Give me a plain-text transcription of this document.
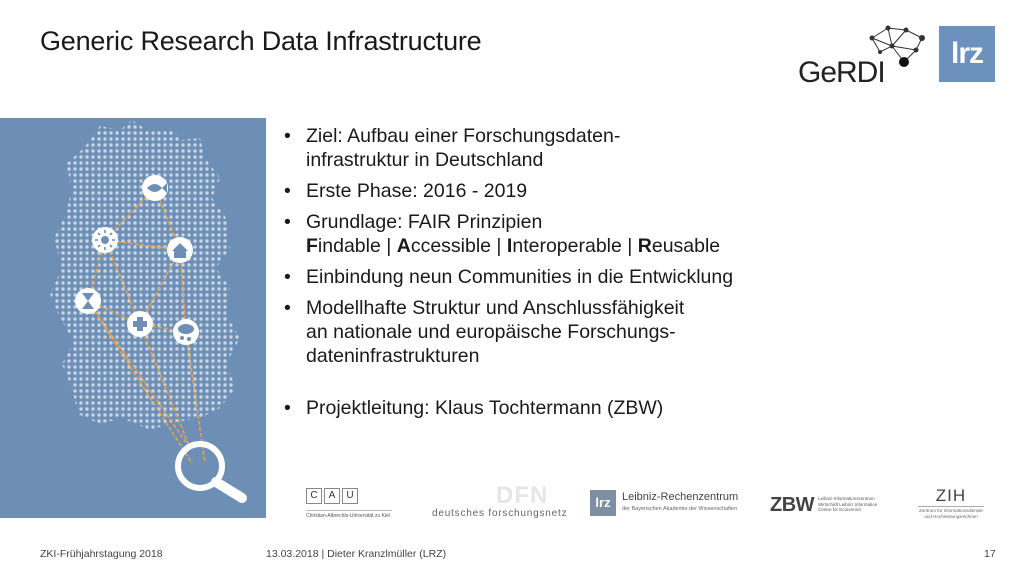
Generic Research Data Infrastructure
GeRDI
lrz
• Ziel: Aufbau einer Forschungsdaten-
infrastruktur in Deutschland
• Erste Phase: 2016 - 2019
• Grundlage: FAIR Prinzipien
Findable | Accessible | Interoperable | Reusable
• Einbindung neun Communities in die Entwicklung
• Modellhafte Struktur und Anschlussfähigkeit
an nationale und europäische Forschungs-
dateninfrastrukturen
• Projektleitung: Klaus Tochtermann (ZBW)
C	A	U
Christian-Albrechts-Universität zu Kiel
DFN
deutsches forschungsnetz
lrz	Leibniz-Rechenzentrum
der Bayerischen Akademie der Wissenschaften ZBW Leibniz-Informationszentrum Wirtschaft Leibniz Information Centre for Economics
ZIH
Zentrum für Informationsdienste und Hochleistungsrechnen
ZKI-Frühjahrstagung 2018	13.03.2018 | Dieter Kranzlmüller (LRZ)	17
